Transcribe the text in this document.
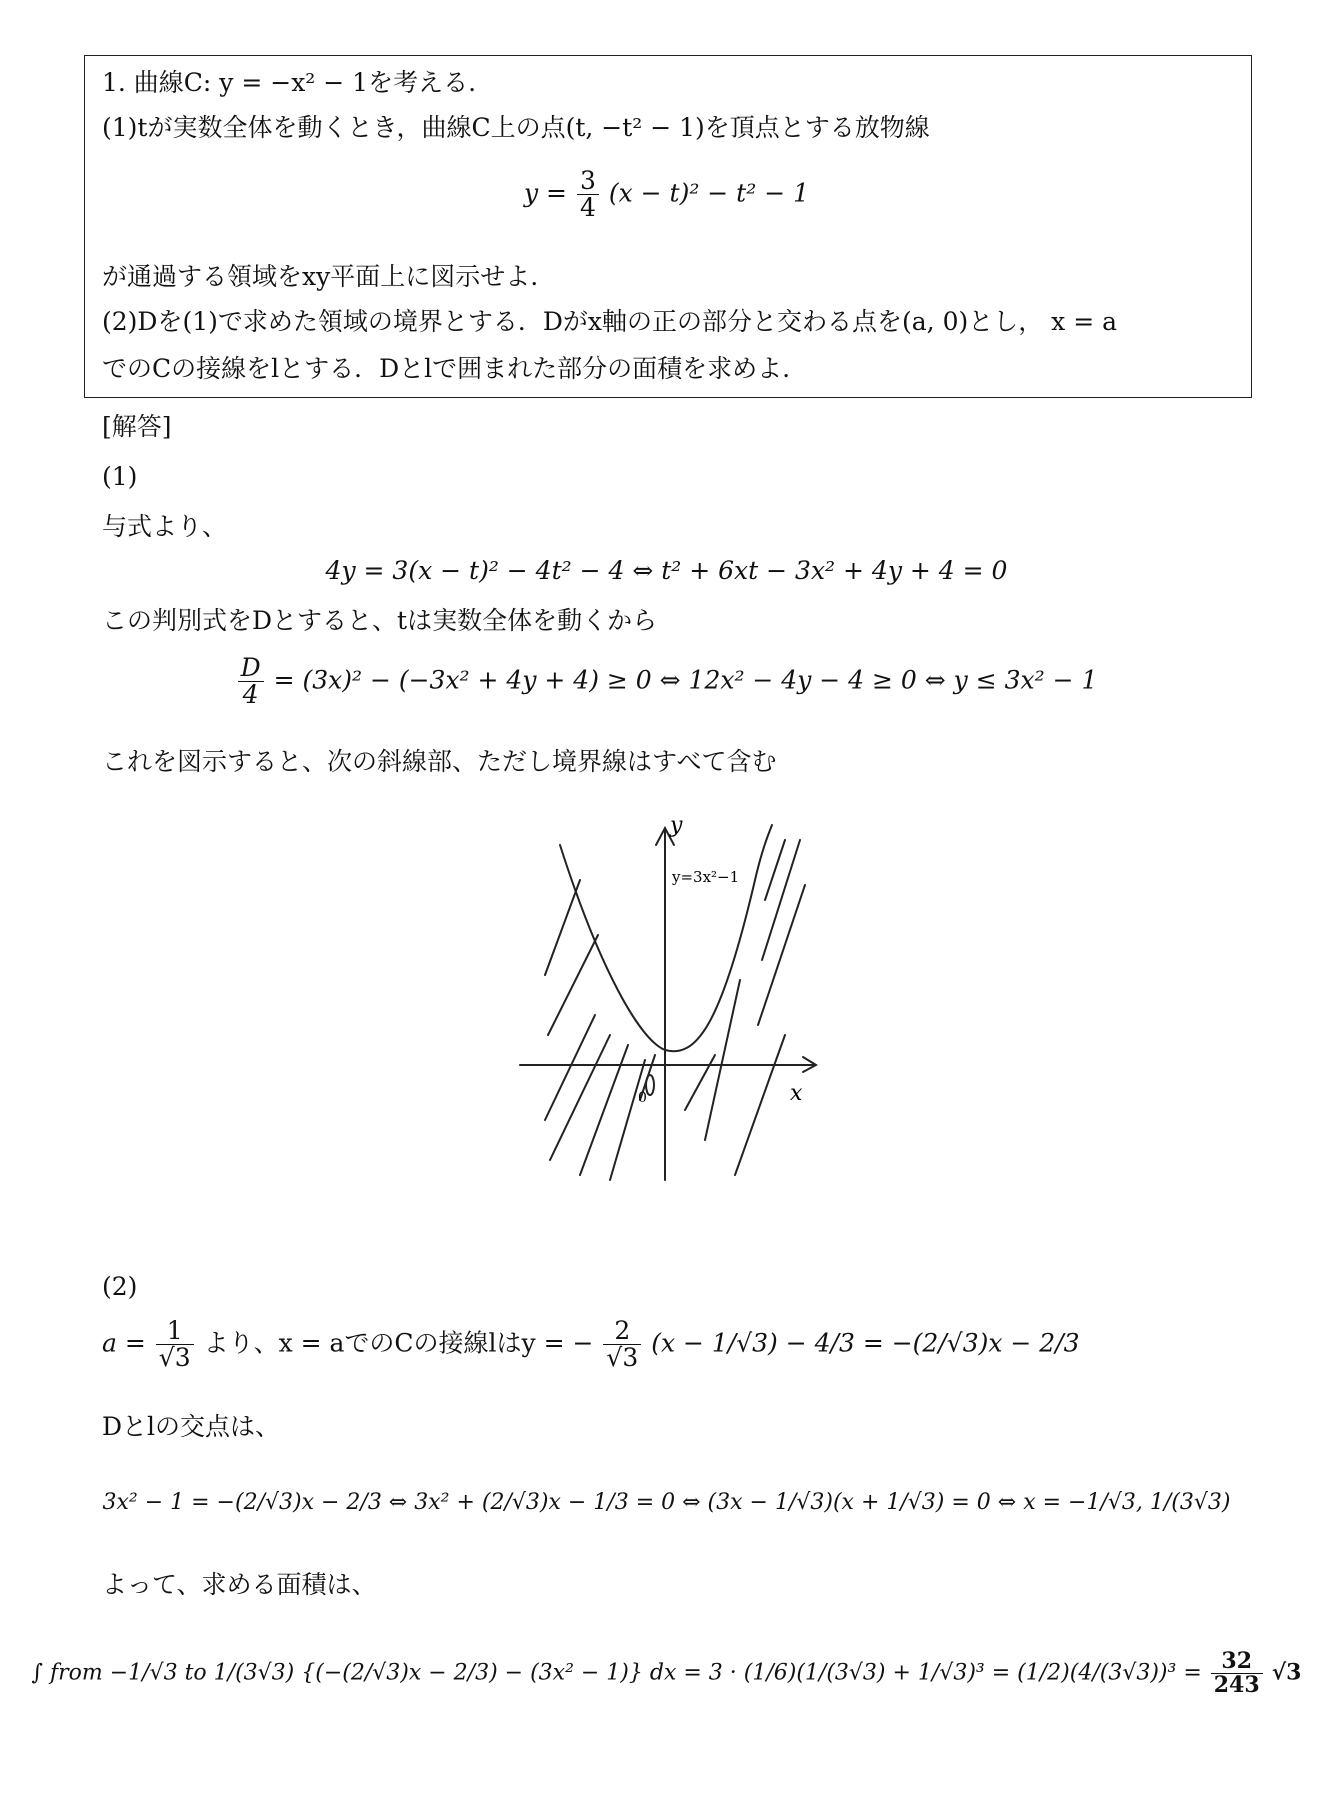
1. 曲線C: y = −x² − 1を考える.
(1)tが実数全体を動くとき，曲線C上の点(t, −t² − 1)を頂点とする放物線
$y = \frac{3}{4} (x - t)^2 - t^2 - 1$
が通過する領域をxy平面上に図示せよ.
(2)Dを(1)で求めた領域の境界とする．Dがx軸の正の部分と交わる点を(a, 0)とし， x = a
でのCの接線をlとする．Dとlで囲まれた部分の面積を求めよ.
[解答]
(1)
与式より、
4y = 3(x − t)² − 4t² − 4 ⇔ t² + 6xt − 3x² + 4y + 4 = 0
この判別式をDとすると、tは実数全体を動くから
$\frac{D}{4} = (3x)^2 - (-3x^2 + 4y + 4) \ge 0$ ⇔ 12x² − 4y − 4 ≥ 0 ⇔ y ≤ 3x² − 1
これを図示すると、次の斜線部、ただし境界線はすべて含む
y
x
0
y=3x²−1
(2)
$a = \frac{1}{√3}$ より、x = aでのCの接線lはy = − $\frac{2}{√3} (x - 1/√3) - 4/3 = -(2/√3)x - 2/3$
Dとlの交点は、
3x² − 1 = −(2/√3)x − 2/3 ⇔ 3x² + (2/√3)x − 1/3 = 0 ⇔ (3x − 1/√3)(x + 1/√3) = 0 ⇔ x = −1/√3, 1/(3√3)
よって、求める面積は、
∫ from −1/√3 to 1/(3√3) {(−(2/√3)x − 2/3) − (3x² − 1)} dx = $3 \cdot (1/6)(1/(3√3) + 1/√3)^3 = (1/2)(4/(3√3))^3 = \frac{32}{243} √3$
